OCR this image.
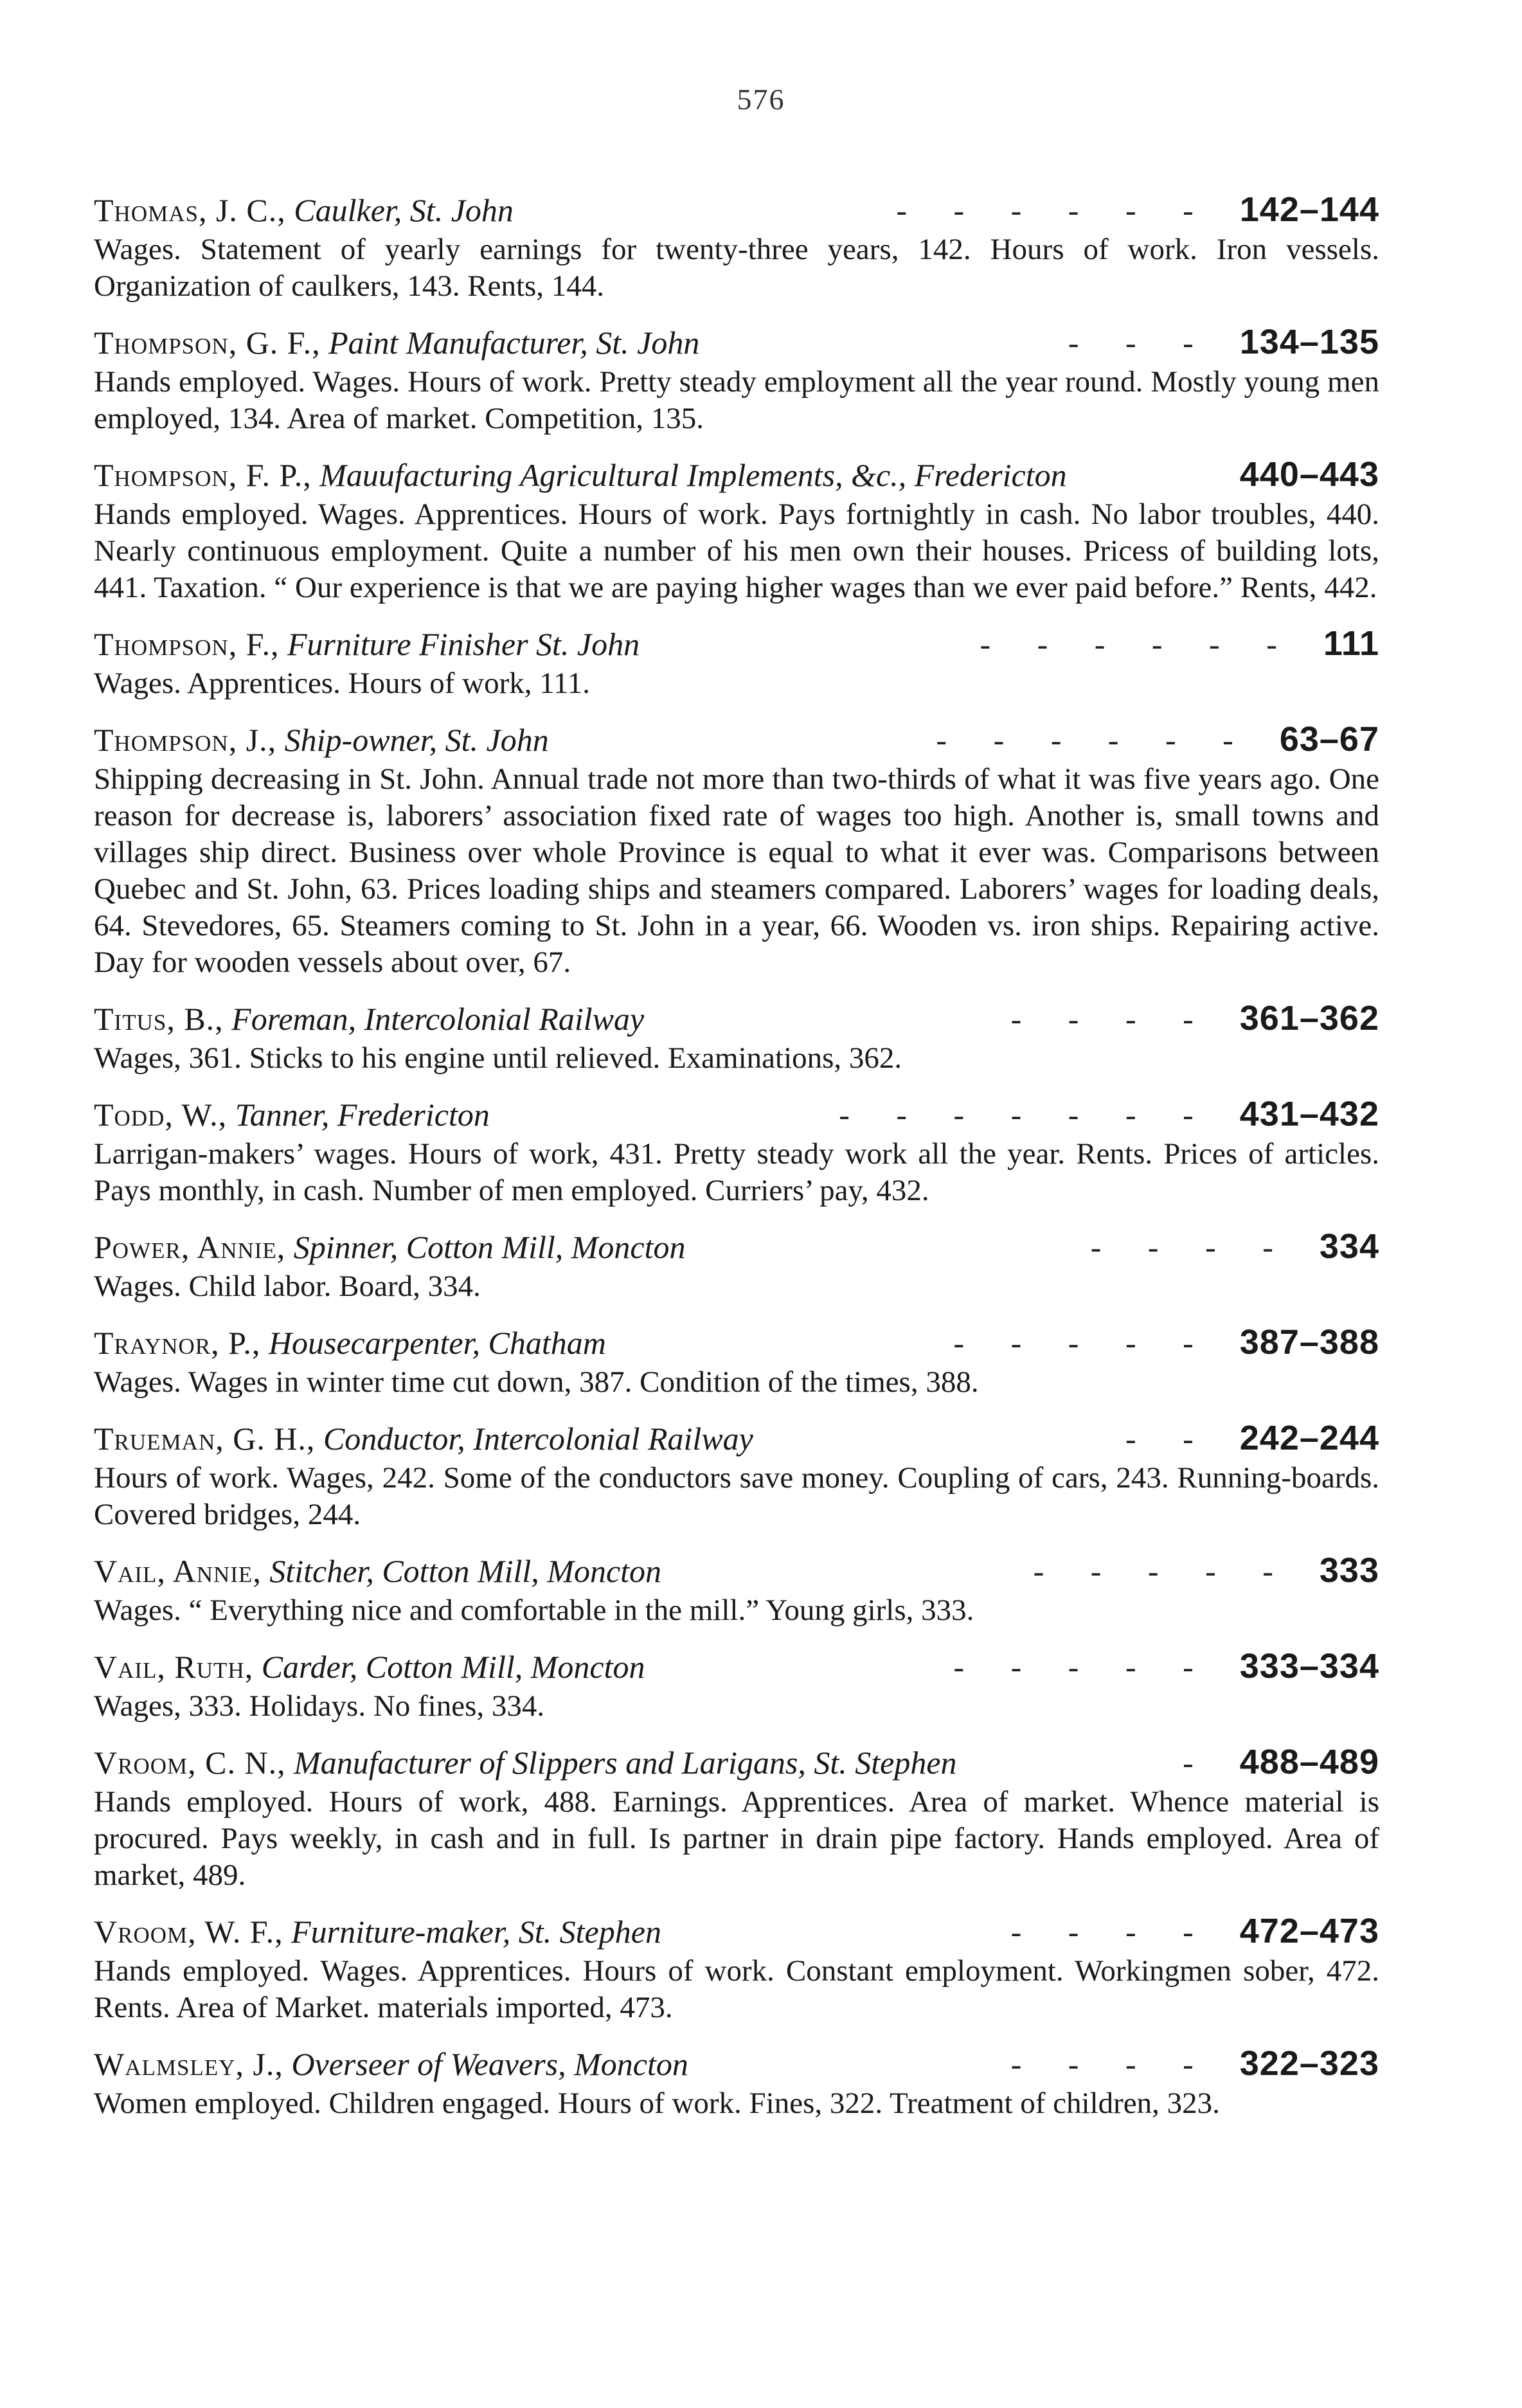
576
Thomas, J. C.,
Caulker, St. John	- - - - - - 142–144

Wages. Statement of yearly earnings for twenty-three years, 142. Hours of work. Iron vessels. Organization of caulkers, 143. Rents, 144.

Thompson, G. F.,
Paint Manufacturer, St. John	- - - 134–135

Hands employed. Wages. Hours of work. Pretty steady employment all the year round. Mostly young men employed, 134. Area of market. Competition, 135.

Thompson, F. P.,
Mauufacturing Agricultural Implements, &c., Fredericton	440–443

Hands employed. Wages. Apprentices. Hours of work. Pays fortnightly in cash. No labor troubles, 440. Nearly continuous employment. Quite a number of his men own their houses. Pricess of building lots, 441. Taxation. “ Our experience is that we are paying higher wages than we ever paid before.” Rents, 442.

Thompson, F.,
Furniture Finisher St. John	- - - - - - 111

Wages. Apprentices. Hours of work, 111.

Thompson, J.,
Ship-owner, St. John	- - - - - - 63–67

Shipping decreasing in St. John. Annual trade not more than two-thirds of what it was five years ago. One reason for decrease is, laborers’ association fixed rate of wages too high. Another is, small towns and villages ship direct. Business over whole Province is equal to what it ever was. Comparisons between Quebec and St. John, 63. Prices loading ships and steamers compared. Laborers’ wages for loading deals, 64. Stevedores, 65. Steamers coming to St. John in a year, 66. Wooden vs. iron ships. Repairing active. Day for wooden vessels about over, 67.

Titus, B.,
Foreman, Intercolonial Railway	- - - - 361–362

Wages, 361. Sticks to his engine until relieved. Examinations, 362.

Todd, W.,
Tanner, Fredericton	- - - - - - - 431–432

Larrigan-makers’ wages. Hours of work, 431. Pretty steady work all the year. Rents. Prices of articles. Pays monthly, in cash. Number of men employed. Curriers’ pay, 432.

Power, Annie,
Spinner, Cotton Mill, Moncton	- - - - 334

Wages. Child labor. Board, 334.

Traynor, P.,
Housecarpenter, Chatham	- - - - - 387–388

Wages. Wages in winter time cut down, 387. Condition of the times, 388.

Trueman, G. H.,
Conductor, Intercolonial Railway	- - 242–244

Hours of work. Wages, 242. Some of the conductors save money. Coupling of cars, 243. Running-boards. Covered bridges, 244.

Vail, Annie,
Stitcher, Cotton Mill, Moncton	- - - - - 333

Wages. “ Everything nice and comfortable in the mill.” Young girls, 333.

Vail, Ruth,
Carder, Cotton Mill, Moncton	- - - - - 333–334

Wages, 333. Holidays. No fines, 334.

Vroom, C. N.,
Manufacturer of Slippers and Larigans, St. Stephen	- 488–489

Hands employed. Hours of work, 488. Earnings. Apprentices. Area of market. Whence material is procured. Pays weekly, in cash and in full. Is partner in drain pipe factory. Hands employed. Area of market, 489.

Vroom, W. F.,
Furniture-maker, St. Stephen	- - - - 472–473

Hands employed. Wages. Apprentices. Hours of work. Constant employment. Workingmen sober, 472. Rents. Area of Market. materials imported, 473.

Walmsley, J.,
Overseer of Weavers, Moncton	- - - - 322–323

Women employed. Children engaged. Hours of work. Fines, 322. Treatment of children, 323.
